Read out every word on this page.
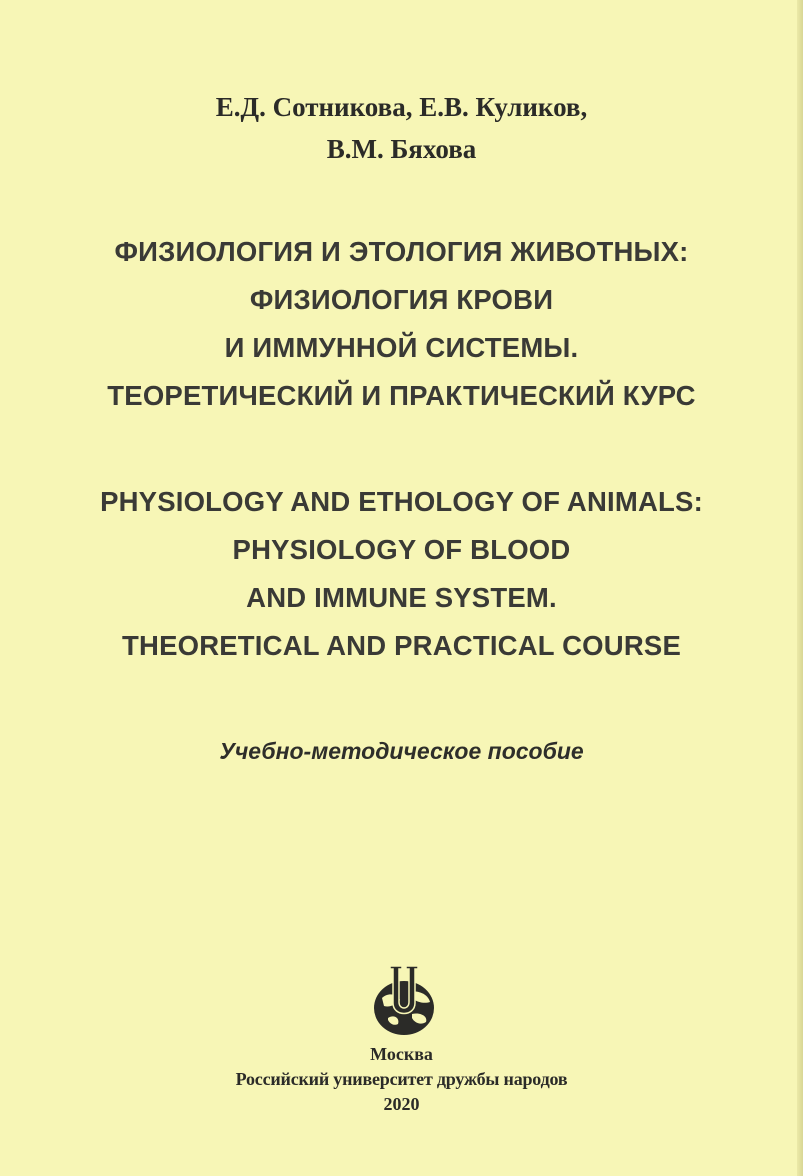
Е.Д. Сотникова, Е.В. Куликов,
В.М. Бяхова
ФИЗИОЛОГИЯ И ЭТОЛОГИЯ ЖИВОТНЫХ:
ФИЗИОЛОГИЯ КРОВИ
И ИММУННОЙ СИСТЕМЫ.
ТЕОРЕТИЧЕСКИЙ И ПРАКТИЧЕСКИЙ КУРС
PHYSIOLOGY AND ETHOLOGY OF ANIMALS:
PHYSIOLOGY OF BLOOD
AND IMMUNE SYSTEM.
THEORETICAL AND PRACTICAL COURSE
Учебно-методическое пособие
Москва
Российский университет дружбы народов
2020
